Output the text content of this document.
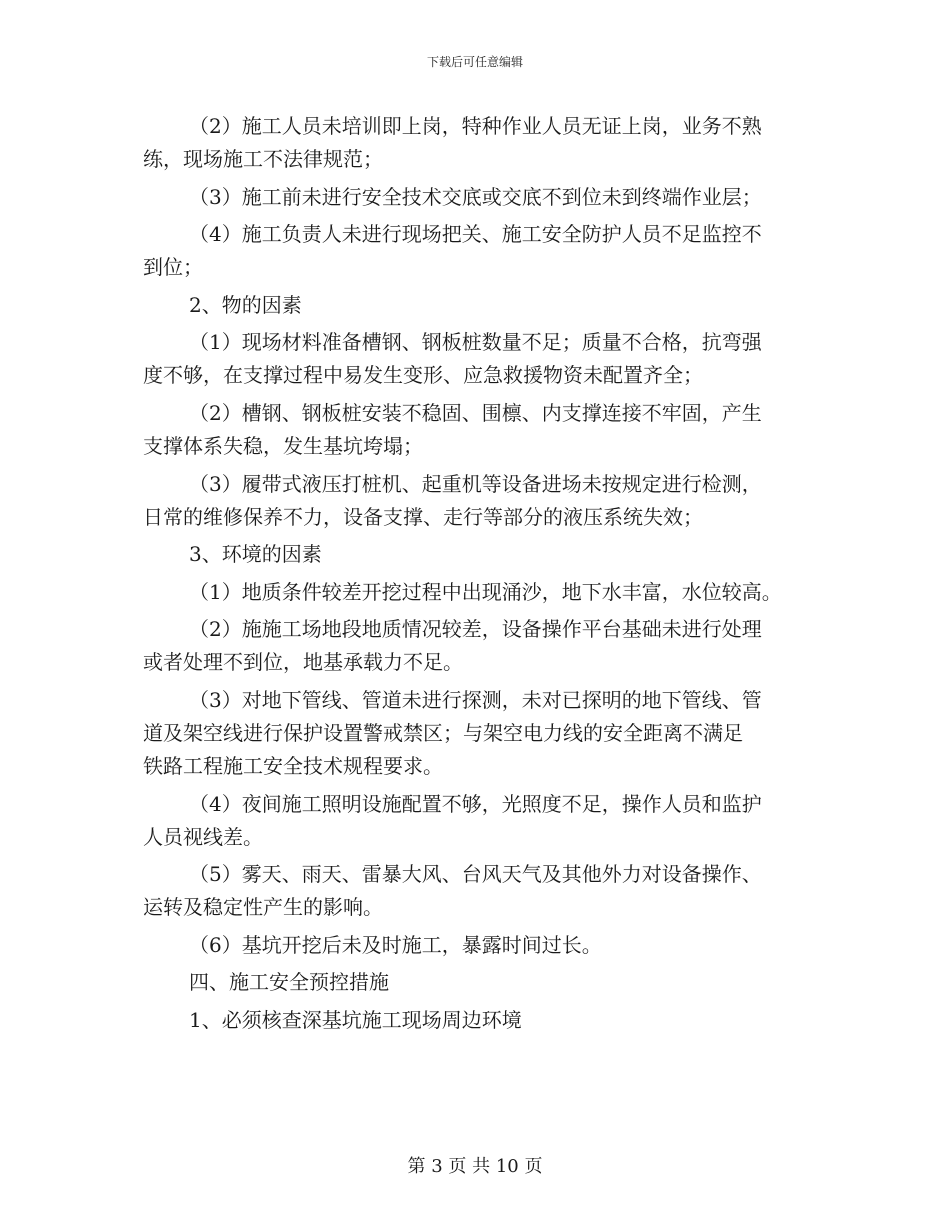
下载后可任意编辑

（2）施工人员未培训即上岗，特种作业人员无证上岗，业务不熟

练，现场施工不法律规范；

（3）施工前未进行安全技术交底或交底不到位未到终端作业层；

（4）施工负责人未进行现场把关、施工安全防护人员不足监控不

到位；

2、物的因素

（1）现场材料准备槽钢、钢板桩数量不足；质量不合格，抗弯强

度不够，在支撑过程中易发生变形、应急救援物资未配置齐全；

（2）槽钢、钢板桩安装不稳固、围檩、内支撑连接不牢固，产生

支撑体系失稳，发生基坑垮塌；

（3）履带式液压打桩机、起重机等设备进场未按规定进行检测，

日常的维修保养不力，设备支撑、走行等部分的液压系统失效；

3、环境的因素

（1）地质条件较差开挖过程中出现涌沙，地下水丰富，水位较高。

（2）施施工场地段地质情况较差，设备操作平台基础未进行处理

或者处理不到位，地基承载力不足。

（3）对地下管线、管道未进行探测，未对已探明的地下管线、管

道及架空线进行保护设置警戒禁区；与架空电力线的安全距离不满足

铁路工程施工安全技术规程要求。

（4）夜间施工照明设施配置不够，光照度不足，操作人员和监护

人员视线差。

（5）雾天、雨天、雷暴大风、台风天气及其他外力对设备操作、

运转及稳定性产生的影响。

（6）基坑开挖后未及时施工，暴露时间过长。

四、施工安全预控措施

1、必须核查深基坑施工现场周边环境

第 3 页 共 10 页
